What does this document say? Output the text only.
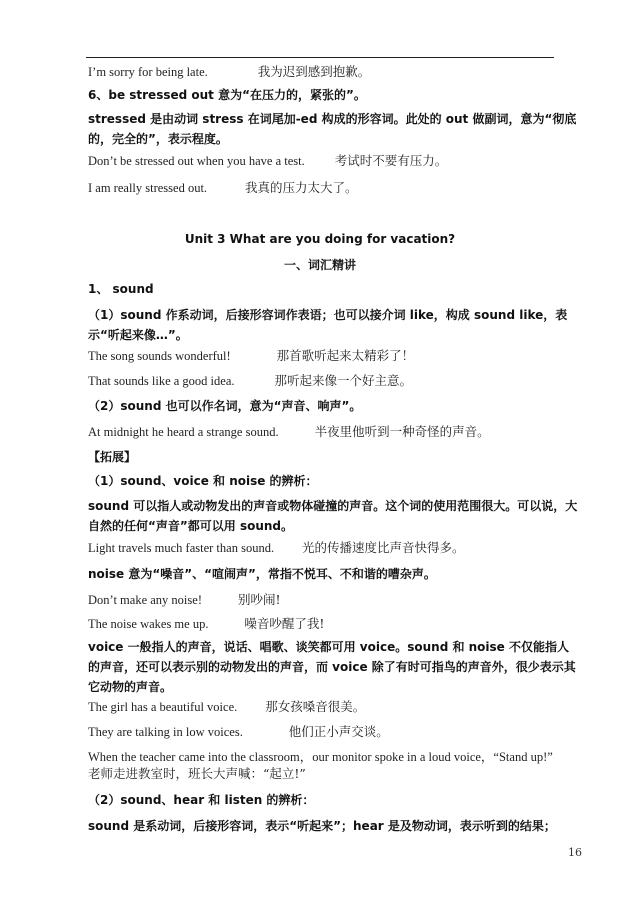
I’m sorry for being late.	我为迟到感到抱歉。
6、be stressed out 意为“在压力的，紧张的”。
stressed 是由动词 stress 在词尾加-ed 构成的形容词。此处的 out 做副词，意为“彻底的，完全的”，表示程度。
Don’t be stressed out when you have a test. 考试时不要有压力。
I am really stressed out.	我真的压力太大了。
Unit 3 What are you doing for vacation?
一、词汇精讲
1、 sound
（1）sound 作系动词，后接形容词作表语；也可以接介词 like，构成 sound like，表示“听起来像…”。
The song sounds wonderful!	那首歌听起来太精彩了！
That sounds like a good idea.	那听起来像一个好主意。
（2）sound 也可以作名词，意为“声音、响声”。
At midnight he heard a strange sound.	半夜里他听到一种奇怪的声音。
【拓展】
（1）sound、voice 和 noise 的辨析：
sound 可以指人或动物发出的声音或物体碰撞的声音。这个词的使用范围很大。可以说，大自然的任何“声音”都可以用 sound。
Light travels much faster than sound. 光的传播速度比声音快得多。
noise 意为“噪音”、“喧闹声”，常指不悦耳、不和谐的嘈杂声。
Don’t make any noise!	别吵闹!
The noise wakes me up.	噪音吵醒了我!
voice 一般指人的声音，说话、唱歌、谈笑都可用 voice。sound 和 noise 不仅能指人的声音，还可以表示别的动物发出的声音，而 voice 除了有时可指鸟的声音外，很少表示其它动物的声音。
The girl has a beautiful voice. 那女孩嗓音很美。
They are talking in low voices.	他们正小声交谈。
When the teacher came into the classroom，our monitor spoke in a loud voice，“Stand up!”
老师走进教室时，班长大声喊：“起立!”
（2）sound、hear 和 listen 的辨析：
sound 是系动词，后接形容词，表示“听起来”；hear 是及物动词，表示听到的结果；
16
